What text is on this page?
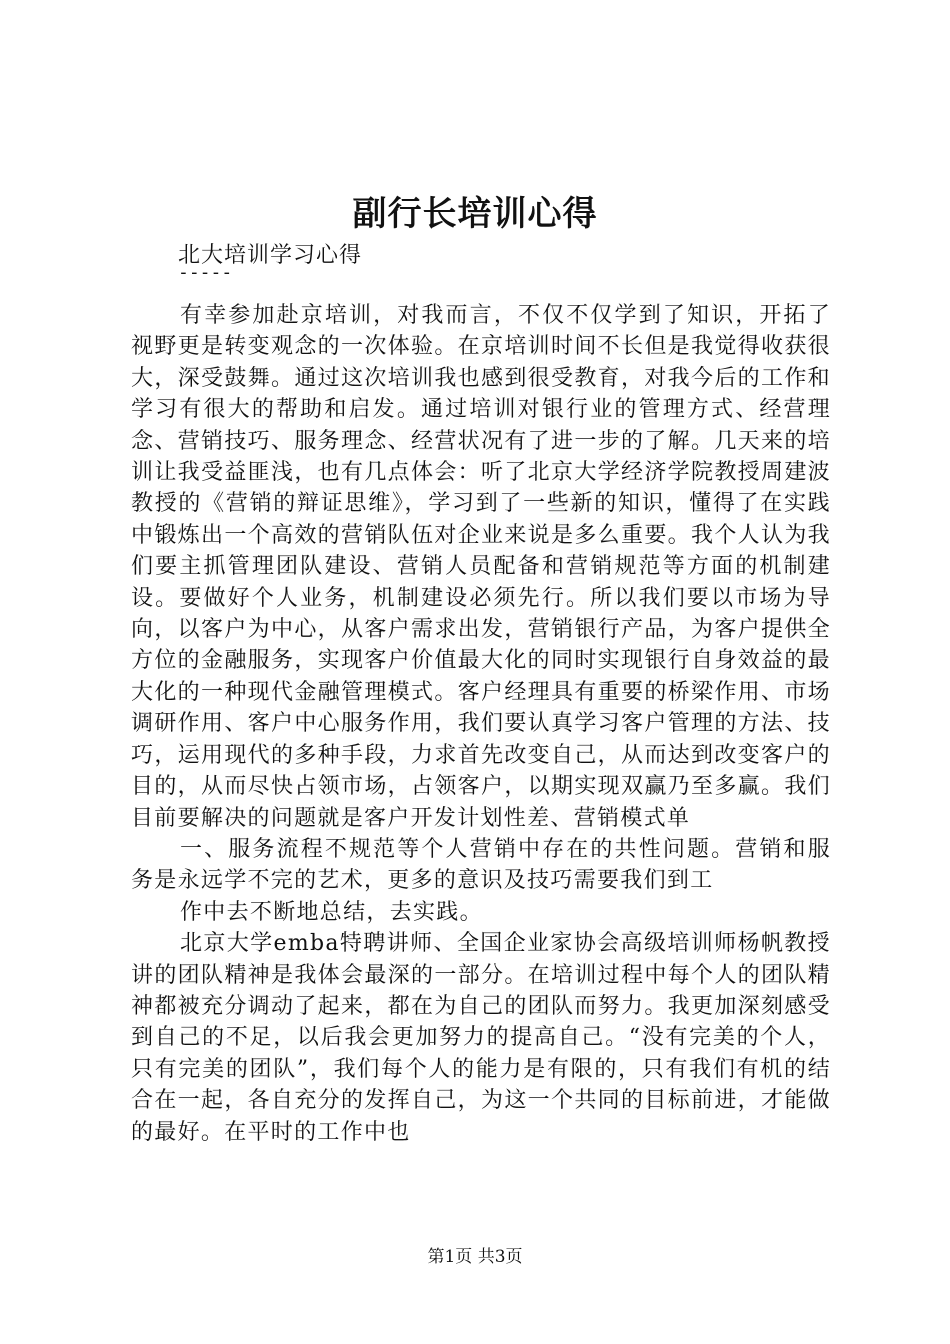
副行长培训心得

北大培训学习心得

-----

有幸参加赴京培训，对我而言，不仅不仅学到了知识，开拓了视野更是转变观念的一次体验。在京培训时间不长但是我觉得收获很大，深受鼓舞。通过这次培训我也感到很受教育，对我今后的工作和学习有很大的帮助和启发。通过培训对银行业的管理方式、经营理念、营销技巧、服务理念、经营状况有了进一步的了解。几天来的培训让我受益匪浅，也有几点体会：听了北京大学经济学院教授周建波教授的《营销的辩证思维》，学习到了一些新的知识，懂得了在实践中锻炼出一个高效的营销队伍对企业来说是多么重要。我个人认为我们要主抓管理团队建设、营销人员配备和营销规范等方面的机制建设。要做好个人业务，机制建设必须先行。所以我们要以市场为导向，以客户为中心，从客户需求出发，营销银行产品，为客户提供全方位的金融服务，实现客户价值最大化的同时实现银行自身效益的最大化的一种现代金融管理模式。客户经理具有重要的桥梁作用、市场调研作用、客户中心服务作用，我们要认真学习客户管理的方法、技巧，运用现代的多种手段，力求首先改变自己，从而达到改变客户的目的，从而尽快占领市场，占领客户，以期实现双赢乃至多赢。我们目前要解决的问题就是客户开发计划性差、营销模式单

一、服务流程不规范等个人营销中存在的共性问题。营销和服务是永远学不完的艺术，更多的意识及技巧需要我们到工

作中去不断地总结，去实践。

北京大学emba特聘讲师、全国企业家协会高级培训师杨帆教授讲的团队精神是我体会最深的一部分。在培训过程中每个人的团队精神都被充分调动了起来，都在为自己的团队而努力。我更加深刻感受到自己的不足，以后我会更加努力的提高自己。“没有完美的个人，只有完美的团队”，我们每个人的能力是有限的，只有我们有机的结合在一起，各自充分的发挥自己，为这一个共同的目标前进，才能做的最好。在平时的工作中也

第1页 共3页
